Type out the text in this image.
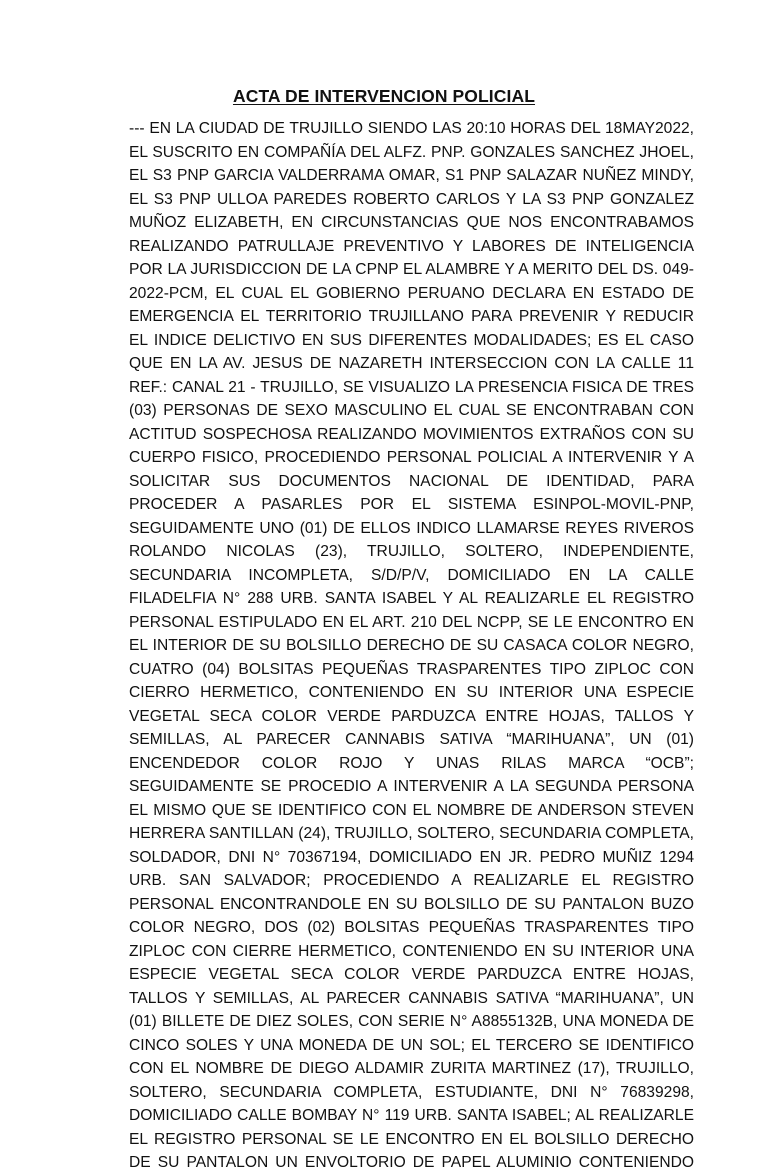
ACTA DE INTERVENCION POLICIAL
--- EN LA CIUDAD DE TRUJILLO SIENDO LAS 20:10 HORAS DEL 18MAY2022,
EL SUSCRITO EN COMPAÑÍA DEL ALFZ. PNP. GONZALES SANCHEZ JHOEL,
EL S3 PNP GARCIA VALDERRAMA OMAR, S1 PNP SALAZAR NUÑEZ MINDY,
EL S3 PNP ULLOA PAREDES ROBERTO CARLOS Y LA S3 PNP GONZALEZ
MUÑOZ ELIZABETH, EN CIRCUNSTANCIAS QUE NOS ENCONTRABAMOS
REALIZANDO PATRULLAJE PREVENTIVO Y LABORES DE INTELIGENCIA
POR LA JURISDICCION DE LA CPNP EL ALAMBRE Y A MERITO DEL DS. 049-
2022-PCM, EL CUAL EL GOBIERNO PERUANO DECLARA EN ESTADO DE
EMERGENCIA EL TERRITORIO TRUJILLANO PARA PREVENIR Y REDUCIR
EL INDICE DELICTIVO EN SUS DIFERENTES MODALIDADES; ES EL CASO
QUE EN LA AV. JESUS DE NAZARETH INTERSECCION CON LA CALLE 11
REF.: CANAL 21 - TRUJILLO, SE VISUALIZO LA PRESENCIA FISICA DE TRES
(03) PERSONAS DE SEXO MASCULINO EL CUAL SE ENCONTRABAN CON
ACTITUD SOSPECHOSA REALIZANDO MOVIMIENTOS EXTRAÑOS CON SU
CUERPO FISICO, PROCEDIENDO PERSONAL POLICIAL A INTERVENIR Y A
SOLICITAR SUS DOCUMENTOS NACIONAL DE IDENTIDAD, PARA
PROCEDER A PASARLES POR EL SISTEMA ESINPOL-MOVIL-PNP,
SEGUIDAMENTE UNO (01) DE ELLOS INDICO LLAMARSE REYES RIVEROS
ROLANDO NICOLAS (23), TRUJILLO, SOLTERO, INDEPENDIENTE,
SECUNDARIA INCOMPLETA, S/D/P/V, DOMICILIADO EN LA CALLE
FILADELFIA N° 288 URB. SANTA ISABEL Y AL REALIZARLE EL REGISTRO
PERSONAL ESTIPULADO EN EL ART. 210 DEL NCPP, SE LE ENCONTRO EN
EL INTERIOR DE SU BOLSILLO DERECHO DE SU CASACA COLOR NEGRO,
CUATRO (04) BOLSITAS PEQUEÑAS TRASPARENTES TIPO ZIPLOC CON
CIERRO HERMETICO, CONTENIENDO EN SU INTERIOR UNA ESPECIE
VEGETAL SECA COLOR VERDE PARDUZCA ENTRE HOJAS, TALLOS Y
SEMILLAS, AL PARECER CANNABIS SATIVA “MARIHUANA”, UN (01)
ENCENDEDOR COLOR ROJO Y UNAS RILAS MARCA “OCB”;
SEGUIDAMENTE SE PROCEDIO A INTERVENIR A LA SEGUNDA PERSONA
EL MISMO QUE SE IDENTIFICO CON EL NOMBRE DE ANDERSON STEVEN
HERRERA SANTILLAN (24), TRUJILLO, SOLTERO, SECUNDARIA COMPLETA,
SOLDADOR, DNI N° 70367194, DOMICILIADO EN JR. PEDRO MUÑIZ 1294
URB. SAN SALVADOR; PROCEDIENDO A REALIZARLE EL REGISTRO
PERSONAL ENCONTRANDOLE EN SU BOLSILLO DE SU PANTALON BUZO
COLOR NEGRO, DOS (02) BOLSITAS PEQUEÑAS TRASPARENTES TIPO
ZIPLOC CON CIERRE HERMETICO, CONTENIENDO EN SU INTERIOR UNA
ESPECIE VEGETAL SECA COLOR VERDE PARDUZCA ENTRE HOJAS,
TALLOS Y SEMILLAS, AL PARECER CANNABIS SATIVA “MARIHUANA”, UN
(01) BILLETE DE DIEZ SOLES, CON SERIE N° A8855132B, UNA MONEDA DE
CINCO SOLES Y UNA MONEDA DE UN SOL; EL TERCERO SE IDENTIFICO
CON EL NOMBRE DE DIEGO ALDAMIR ZURITA MARTINEZ (17), TRUJILLO,
SOLTERO, SECUNDARIA COMPLETA, ESTUDIANTE, DNI N° 76839298,
DOMICILIADO CALLE BOMBAY N° 119 URB. SANTA ISABEL; AL REALIZARLE
EL REGISTRO PERSONAL SE LE ENCONTRO EN EL BOLSILLO DERECHO
DE SU PANTALON UN ENVOLTORIO DE PAPEL ALUMINIO CONTENIENDO
